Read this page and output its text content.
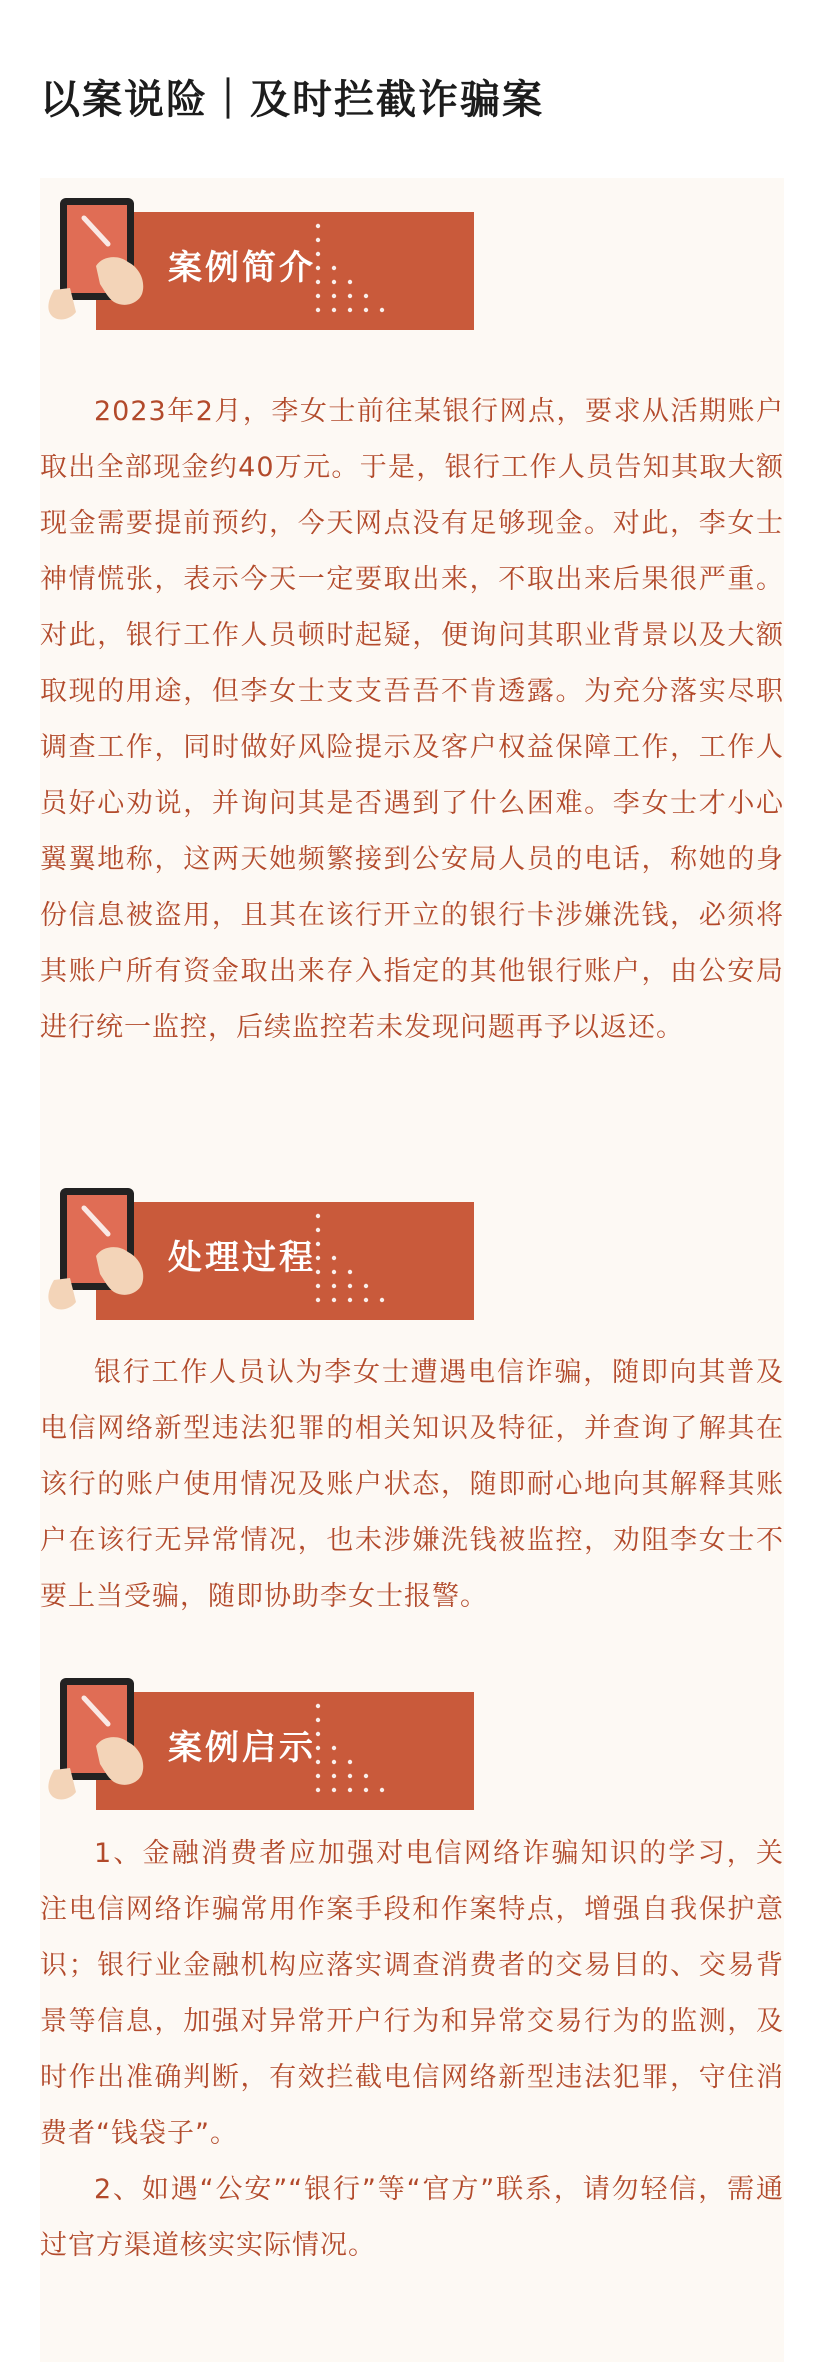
以案说险｜及时拦截诈骗案
案例简介

2023年2月，李女士前往某银行网点，要求从活期账户取出全部现金约40万元。于是，银行工作人员告知其取大额现金需要提前预约，今天网点没有足够现金。对此，李女士神情慌张，表示今天一定要取出来，不取出来后果很严重。对此，银行工作人员顿时起疑，便询问其职业背景以及大额取现的用途，但李女士支支吾吾不肯透露。为充分落实尽职调查工作，同时做好风险提示及客户权益保障工作，工作人员好心劝说，并询问其是否遇到了什么困难。李女士才小心翼翼地称，这两天她频繁接到公安局人员的电话，称她的身份信息被盗用，且其在该行开立的银行卡涉嫌洗钱，必须将其账户所有资金取出来存入指定的其他银行账户，由公安局进行统一监控，后续监控若未发现问题再予以返还。

处理过程

银行工作人员认为李女士遭遇电信诈骗，随即向其普及电信网络新型违法犯罪的相关知识及特征，并查询了解其在该行的账户使用情况及账户状态，随即耐心地向其解释其账户在该行无异常情况，也未涉嫌洗钱被监控，劝阻李女士不要上当受骗，随即协助李女士报警。

案例启示

1、金融消费者应加强对电信网络诈骗知识的学习，关注电信网络诈骗常用作案手段和作案特点，增强自我保护意识；银行业金融机构应落实调查消费者的交易目的、交易背景等信息，加强对异常开户行为和异常交易行为的监测，及时作出准确判断，有效拦截电信网络新型违法犯罪，守住消费者“钱袋子”。

2、如遇“公安”“银行”等“官方”联系，请勿轻信，需通过官方渠道核实实际情况。
